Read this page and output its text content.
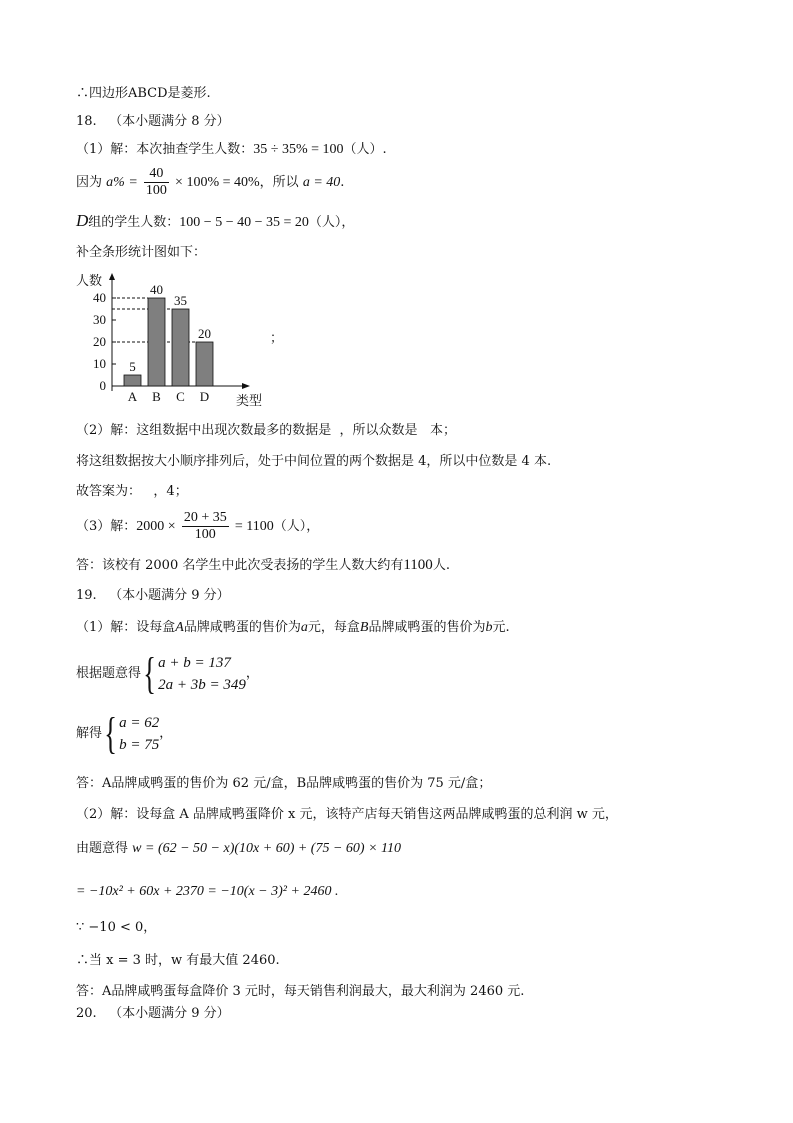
∴四边形ABCD是菱形.
18. （本小题满分 8 分）
（1）解：本次抽查学生人数：35 ÷ 35% = 100（人）.
因为 $a\% = \frac{40}{100} \times 100\% = 40\%$，所以 a = 40.
D组的学生人数：100 − 5 − 40 − 35 = 20（人），
补全条形统计图如下：
人数
类型
0
10
20
30
40
5
A
40
B
35
C
20
D
；
（2）解：这组数据中出现次数最多的数据是 ，所以众数是 本；
将这组数据按大小顺序排列后，处于中间位置的两个数据是 4，所以中位数是 4 本.
故答案为： ，4；
（3）解：$2000 \times \frac{20 + 35}{100} = 1100$（人），
答：该校有 2000 名学生中此次受表扬的学生人数大约有1100人.
19. （本小题满分 9 分）
（1）解：设每盒A品牌咸鸭蛋的售价为a元，每盒B品牌咸鸭蛋的售价为b元.
根据题意得{ a + b = 137
2a + 3b = 349
，
解得{ a = 62
b = 75
，
答：A品牌咸鸭蛋的售价为 62 元/盒，B品牌咸鸭蛋的售价为 75 元/盒；
（2）解：设每盒 A 品牌咸鸭蛋降价 x 元，该特产店每天销售这两品牌咸鸭蛋的总利润 w 元，
由题意得 w = (62 − 50 − x)(10x + 60) + (75 − 60) × 110
= −10x² + 60x + 2370 = −10(x − 3)² + 2460 .
∵ −10 < 0，
∴当 x = 3 时，w 有最大值 2460.
答：A品牌咸鸭蛋每盒降价 3 元时，每天销售利润最大，最大利润为 2460 元.
20. （本小题满分 9 分）
